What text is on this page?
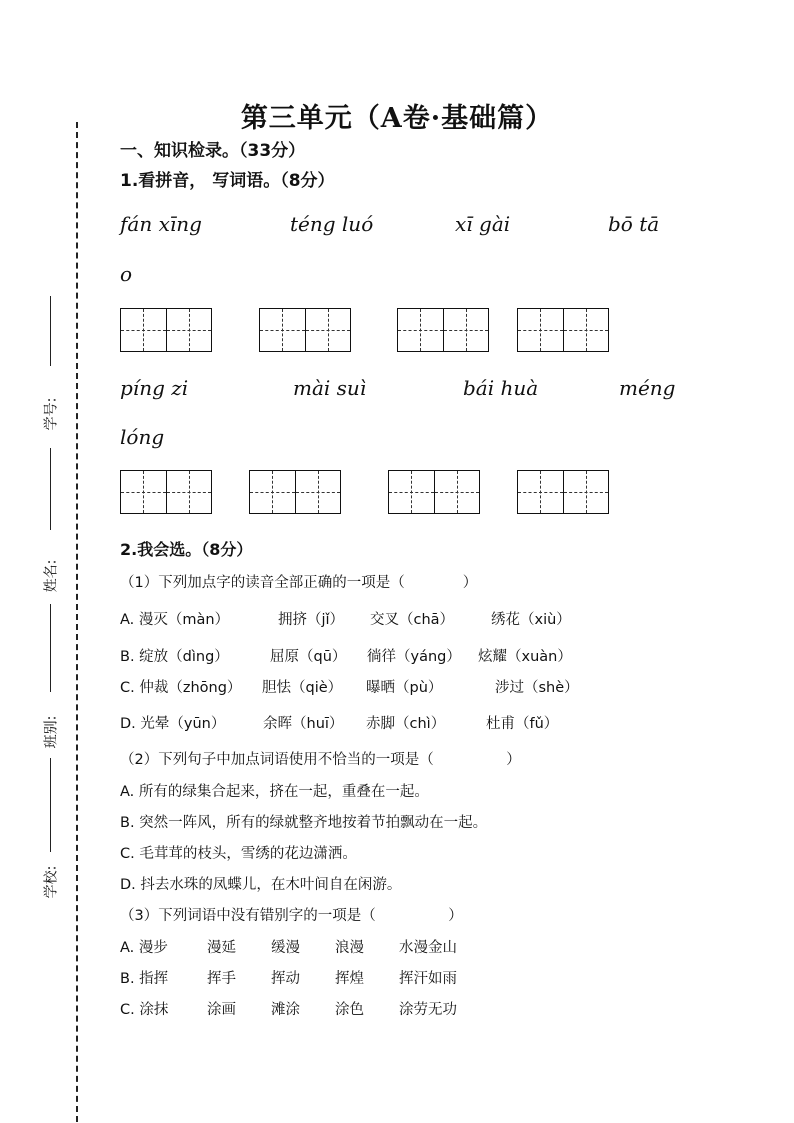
学号:
姓名:
班别:
学校:
第三单元（A卷·基础篇）
一、知识检录。（33分）
1.看拼音， 写词语。（8分）
fán xīng	téng luó	xī gài	bō tā
o
píng zi	mài suì	bái huà	méng
lóng
2.我会选。（8分）
（1）下列加点字的读音全部正确的一项是（　　　　）
A. 漫灭（màn）	拥挤（jǐ） 交叉（chā）	绣花（xiù）
B. 绽放（dìng）	屈原（qū） 徜徉（yáng） 炫耀（xuàn）
C. 仲裁（zhōng） 胆怯（qiè） 曝晒（pù）	涉过（shè）
D. 光晕（yūn）	余晖（huī） 赤脚（chì）	杜甫（fǔ）
（2）下列句子中加点词语使用不恰当的一项是（　　　　　）
A. 所有的绿集合起来，挤在一起，重叠在一起。
B. 突然一阵风，所有的绿就整齐地按着节拍飘动在一起。
C. 毛茸茸的枝头，雪绣的花边潇洒。
D. 抖去水珠的凤蝶儿，在木叶间自在闲游。
（3）下列词语中没有错别字的一项是（　　　　　）
A. 漫步	漫延 缓漫 浪漫 水漫金山
B. 指挥	挥手 挥动 挥煌 挥汗如雨
C. 涂抹	涂画 滩涂 涂色 涂劳无功
